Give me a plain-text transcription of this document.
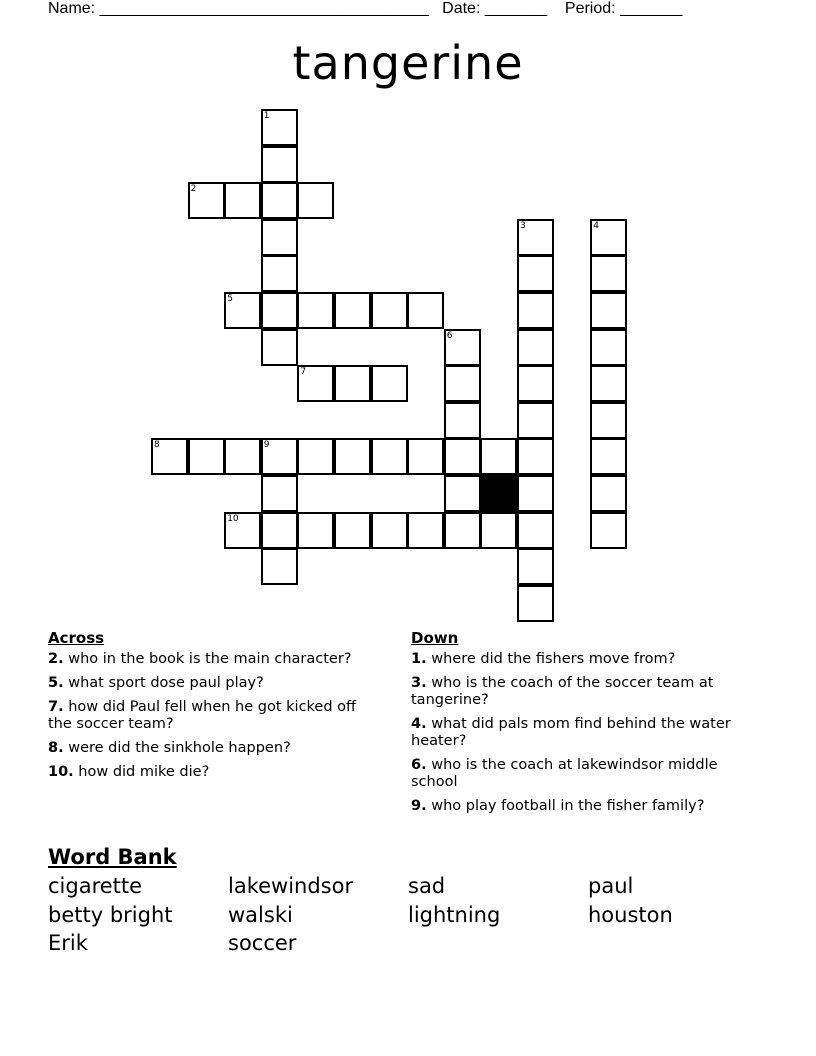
Name: _____________________________________   Date: _______    Period: _______
tangerine
1
2
3	4
5
6
7
8	9
10
Across
2. who in the book is the main character?
5. what sport dose paul play?
7. how did Paul fell when he got kicked off the soccer team?
8. were did the sinkhole happen?
10. how did mike die?
Down
1. where did the fishers move from?
3. who is the coach of the soccer team at tangerine?
4. what did pals mom find behind the water heater?
6. who is the coach at lakewindsor middle school
9. who play football in the fisher family?
Word Bank
cigarette	lakewindsor	sad	paul
betty bright	walski	lightning	houston
Erik	soccer
